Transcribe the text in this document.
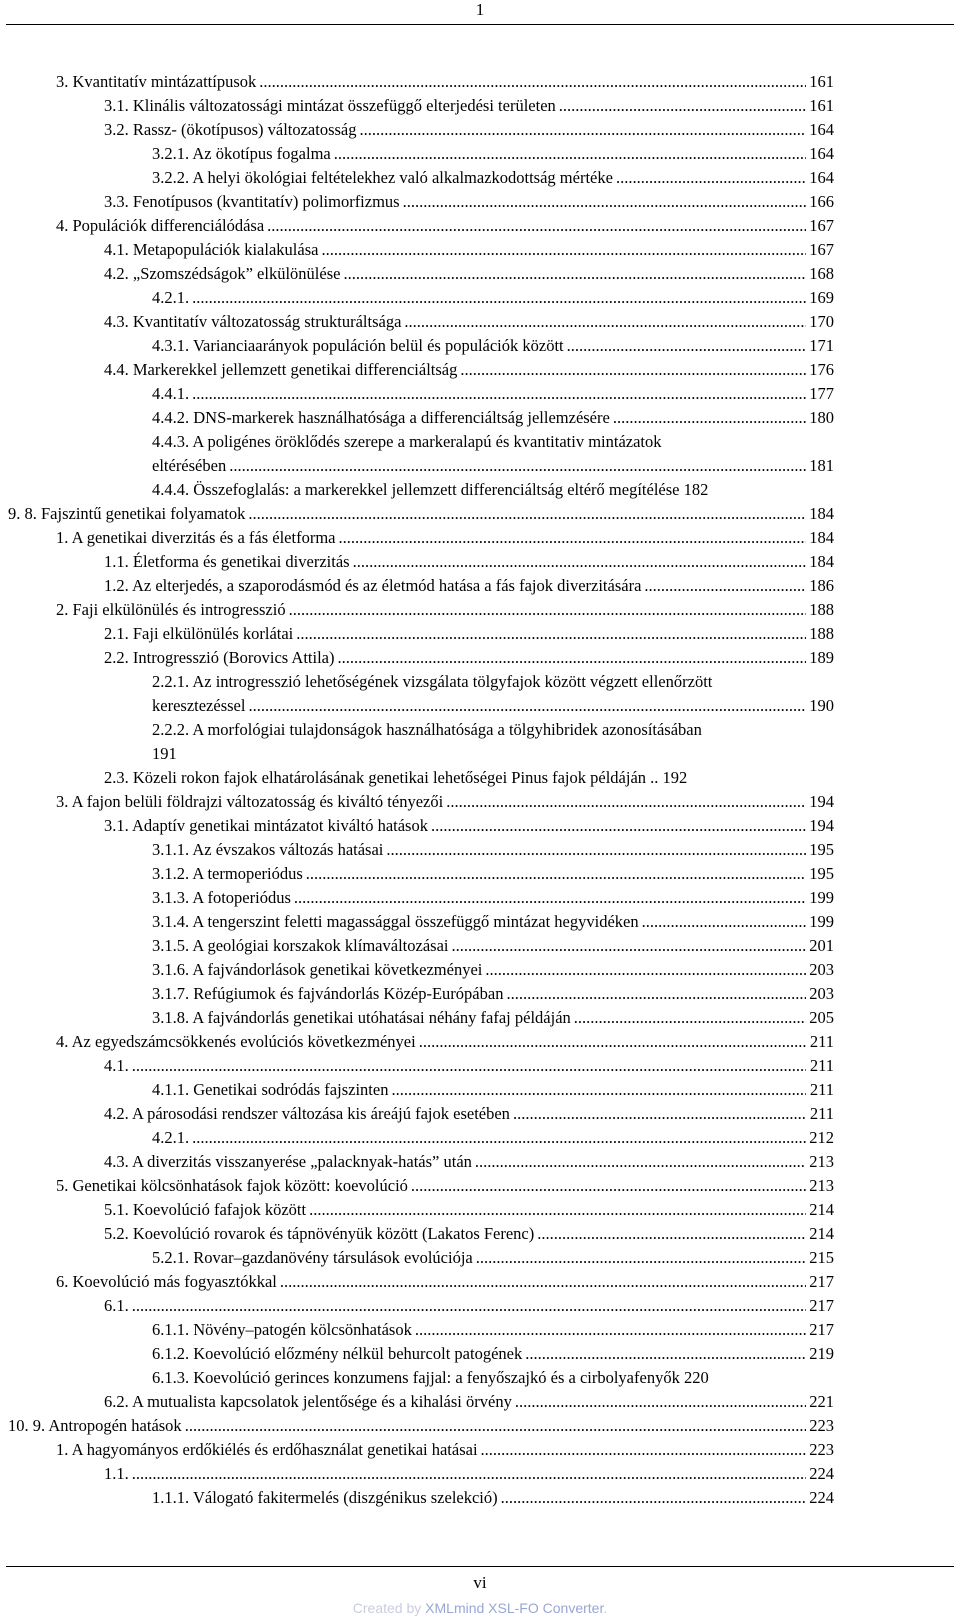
1
3. Kvantitatív mintázattípusok .....	161
3.1. Klinális változatossági mintázat összefüggő elterjedési területen .....	161
3.2. Rassz- (ökotípusos) változatosság .....	164
3.2.1. Az ökotípus fogalma .....	164
3.2.2. A helyi ökológiai feltételekhez való alkalmazkodottság mértéke .....	164
3.3. Fenotípusos (kvantitatív) polimorfizmus .....	166
4. Populációk differenciálódása .....	167
4.1. Metapopulációk kialakulása .....	167
4.2. „Szomszédságok” elkülönülése .....	168
4.2.1. .....	169
4.3. Kvantitatív változatosság strukturáltsága .....	170
4.3.1. Varianciaarányok populáción belül és populációk között .....	171
4.4. Markerekkel jellemzett genetikai differenciáltság .....	176
4.4.1. .....	177
4.4.2. DNS-markerek használhatósága a differenciáltság jellemzésére .....	180
4.4.3. A poligénes öröklődés szerepe a markeralapú és kvantitativ mintázatok
eltérésében .....	181
4.4.4. Összefoglalás: a markerekkel jellemzett differenciáltság eltérő megítélése 182
9. 8. Fajszintű genetikai folyamatok .....	184
1. A genetikai diverzitás és a fás életforma .....	184
1.1. Életforma és genetikai diverzitás .....	184
1.2. Az elterjedés, a szaporodásmód és az életmód hatása a fás fajok diverzitására .....	186
2. Faji elkülönülés és introgresszió .....	188
2.1. Faji elkülönülés korlátai .....	188
2.2. Introgresszió (Borovics Attila) .....	189
2.2.1. Az introgresszió lehetőségének vizsgálata tölgyfajok között végzett ellenőrzött
keresztezéssel .....	190
2.2.2. A morfológiai tulajdonságok használhatósága a tölgyhibridek azonosításában
191
2.3. Közeli rokon fajok elhatárolásának genetikai lehetőségei Pinus fajok példáján .. 192
3. A fajon belüli földrajzi változatosság és kiváltó tényezői .....	194
3.1. Adaptív genetikai mintázatot kiváltó hatások .....	194
3.1.1. Az évszakos változás hatásai .....	195
3.1.2. A termoperiódus .....	195
3.1.3. A fotoperiódus .....	199
3.1.4. A tengerszint feletti magassággal összefüggő mintázat hegyvidéken .....	199
3.1.5. A geológiai korszakok klímaváltozásai .....	201
3.1.6. A fajvándorlások genetikai következményei .....	203
3.1.7. Refúgiumok és fajvándorlás Közép-Európában .....	203
3.1.8. A fajvándorlás genetikai utóhatásai néhány fafaj példáján .....	205
4. Az egyedszámcsökkenés evolúciós következményei .....	211
4.1. .....	211
4.1.1. Genetikai sodródás fajszinten .....	211
4.2. A párosodási rendszer változása kis áreájú fajok esetében .....	211
4.2.1. .....	212
4.3. A diverzitás visszanyerése „palacknyak-hatás” után .....	213
5. Genetikai kölcsönhatások fajok között: koevolúció .....	213
5.1. Koevolúció fafajok között .....	214
5.2. Koevolúció rovarok és tápnövényük között (Lakatos Ferenc) .....	214
5.2.1. Rovar–gazdanövény társulások evolúciója .....	215
6. Koevolúció más fogyasztókkal .....	217
6.1. .....	217
6.1.1. Növény–patogén kölcsönhatások .....	217
6.1.2. Koevolúció előzmény nélkül behurcolt patogének .....	219
6.1.3. Koevolúció gerinces konzumens fajjal: a fenyőszajkó és a cirbolyafenyők 220
6.2. A mutualista kapcsolatok jelentősége és a kihalási örvény .....	221
10. 9. Antropogén hatások .....	223
1. A hagyományos erdőkiélés és erdőhasználat genetikai hatásai .....	223
1.1. .....	224
1.1.1. Válogató fakitermelés (diszgénikus szelekció) .....	224
vi
Created by XMLmind XSL-FO Converter.
